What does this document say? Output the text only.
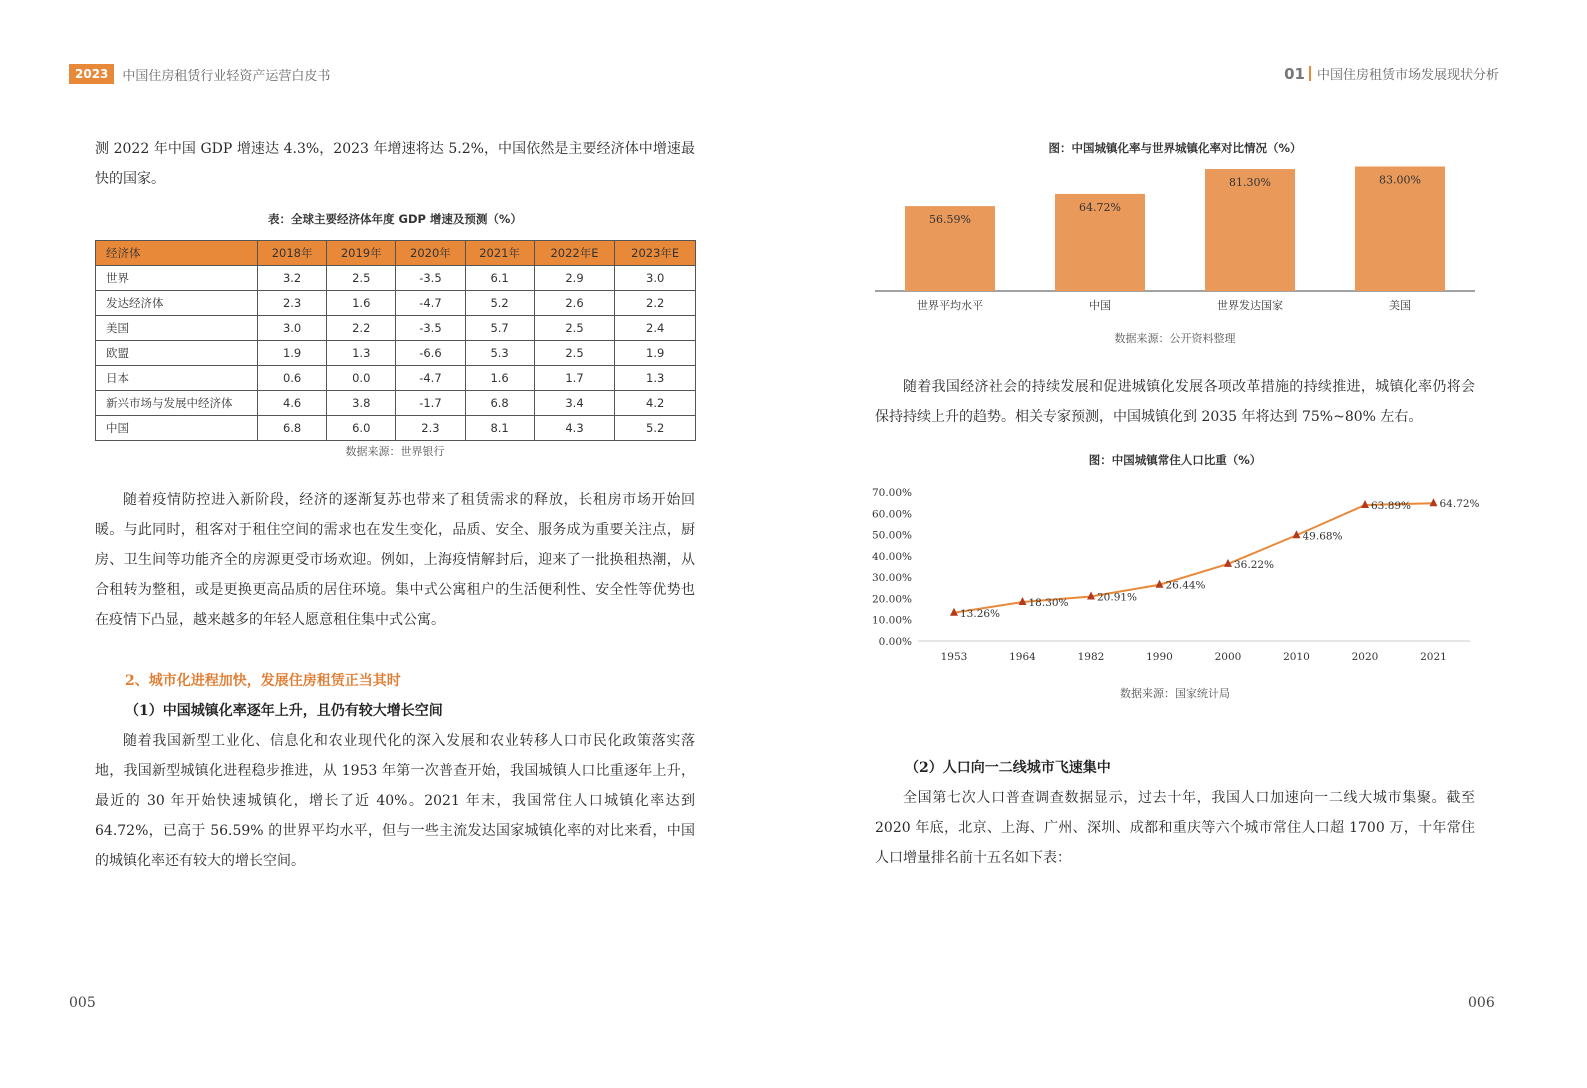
2023	中国住房租赁行业轻资产运营白皮书	01 中国住房租赁市场发展现状分析

测 2022 年中国 GDP 增速达 4.3%，2023 年增速将达 5.2%，中国依然是主要经济体中增速最快的国家。

表：全球主要经济体年度 GDP 增速及预测（%）
经济体	2018年	2019年	2020年	2021年	2022年E	2023年E
世界	3.2	2.5	-3.5	6.1	2.9	3.0
发达经济体	2.3	1.6	-4.7	5.2	2.6	2.2
美国	3.0	2.2	-3.5	5.7	2.5	2.4
欧盟	1.9	1.3	-6.6	5.3	2.5	1.9
日本	0.6	0.0	-4.7	1.6	1.7	1.3
新兴市场与发展中经济体	4.6	3.8	-1.7	6.8	3.4	4.2
中国	6.8	6.0	2.3	8.1	4.3	5.2
数据来源：世界银行

随着疫情防控进入新阶段，经济的逐渐复苏也带来了租赁需求的释放，长租房市场开始回暖。与此同时，租客对于租住空间的需求也在发生变化，品质、安全、服务成为重要关注点，厨房、卫生间等功能齐全的房源更受市场欢迎。例如，上海疫情解封后，迎来了一批换租热潮，从合租转为整租，或是更换更高品质的居住环境。集中式公寓租户的生活便利性、安全性等优势也在疫情下凸显，越来越多的年轻人愿意租住集中式公寓。

2、城市化进程加快，发展住房租赁正当其时
（1）中国城镇化率逐年上升，且仍有较大增长空间

随着我国新型工业化、信息化和农业现代化的深入发展和农业转移人口市民化政策落实落地，我国新型城镇化进程稳步推进，从 1953 年第一次普查开始，我国城镇人口比重逐年上升，最近的 30 年开始快速城镇化，增长了近 40%。2021 年末，我国常住人口城镇化率达到 64.72%，已高于 56.59% 的世界平均水平，但与一些主流发达国家城镇化率的对比来看，中国的城镇化率还有较大的增长空间。

005
图：中国城镇化率与世界城镇化率对比情况（%）
56.59%
世界平均水平
64.72%
中国
81.30%
世界发达国家
83.00%
美国
数据来源：公开资料整理

随着我国经济社会的持续发展和促进城镇化发展各项改革措施的持续推进，城镇化率仍将会保持持续上升的趋势。相关专家预测，中国城镇化到 2035 年将达到 75%~80% 左右。

图：中国城镇常住人口比重（%）
0.00%
10.00%
20.00%
30.00%
40.00%
50.00%
60.00%
70.00%
1953	1964	1982	1990	2000	2010	2020	2021
13.26%
18.30%	20.91%
26.44%
36.22%
49.68%
63.89%	64.72%
数据来源：国家统计局
（2）人口向一二线城市飞速集中

全国第七次人口普查调查数据显示，过去十年，我国人口加速向一二线大城市集聚。截至 2020 年底，北京、上海、广州、深圳、成都和重庆等六个城市常住人口超 1700 万，十年常住人口增量排名前十五名如下表：

006
